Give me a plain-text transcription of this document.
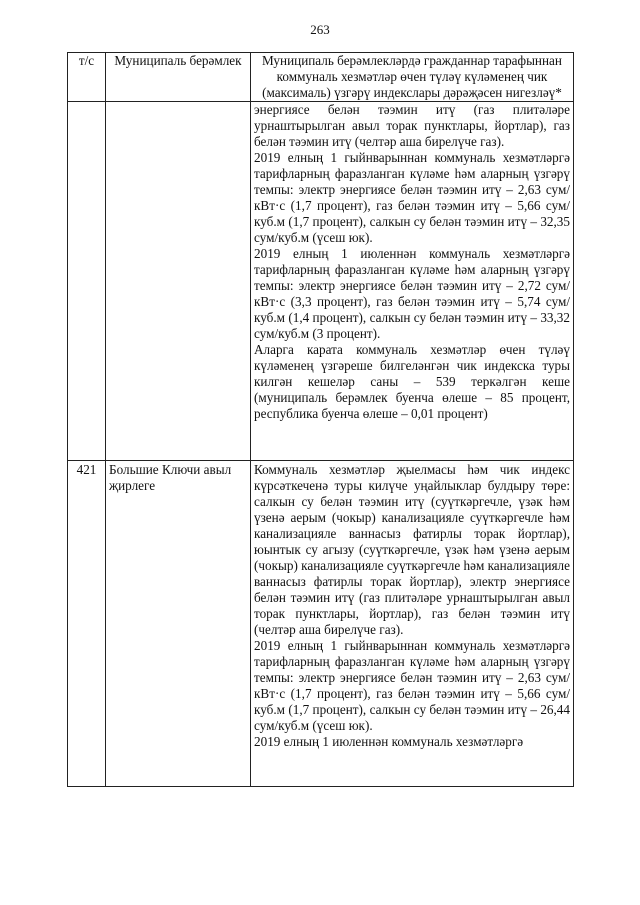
263
т/с	Муниципаль берәмлек	Муниципаль берәмлекләрдә гражданнар тарафыннан коммуналь хезмәтләр өчен түләү күләменең чик (максималь) үзгәрү индекслары дәрәҗәсен нигезләү*

		энергиясе белән тәэмин итү (газ плитәләре урнаштырылган авыл торак пунктлары, йортлар), газ белән тәэмин итү (челтәр аша бирелүче газ).
2019 елның 1 гыйнварыннан коммуналь хезмәтләргә тарифларның фаразланган күләме һәм аларның үзгәрү темпы: электр энергиясе белән тәэмин итү – 2,63 сум/кВт·с (1,7 процент), газ белән тәэмин итү – 5,66 сум/куб.м (1,7 процент), салкын су белән тәэмин итү – 32,35 сум/куб.м (үсеш юк).
2019 елның 1 июленнән коммуналь хезмәтләргә тарифларның фаразланган күләме һәм аларның үзгәрү темпы: электр энергиясе белән тәэмин итү – 2,72 сум/кВт·с (3,3 процент), газ белән тәэмин итү – 5,74 сум/куб.м (1,4 процент), салкын су белән тәэмин итү – 33,32 сум/куб.м (3 процент).
Аларга карата коммуналь хезмәтләр өчен түләү күләменең үзгәреше билгеләнгән чик индекска туры килгән кешеләр саны – 539 теркәлгән кеше (муниципаль берәмлек буенча өлеше – 85 процент, республика буенча өлеше – 0,01 процент)

421	Большие Ключи авыл җирлеге	Коммуналь хезмәтләр җыелмасы һәм чик индекс күрсәткеченә туры килүче уңайлыклар булдыру төре: салкын су белән тәэмин итү (суүткәргечле, үзәк һәм үзенә аерым (чокыр) канализацияле суүткәргечле һәм канализацияле ваннасыз фатирлы торак йортлар), юынтык су агызу (суүткәргечле, үзәк һәм үзенә аерым (чокыр) канализацияле суүткәргечле һәм канализацияле ваннасыз фатирлы торак йортлар), электр энергиясе белән тәэмин итү (газ плитәләре урнаштырылган авыл торак пунктлары, йортлар), газ белән тәэмин итү (челтәр аша бирелүче газ).
2019 елның 1 гыйнварыннан коммуналь хезмәтләргә тарифларның фаразланган күләме һәм аларның үзгәрү темпы: электр энергиясе белән тәэмин итү – 2,63 сум/кВт·с (1,7 процент), газ белән тәэмин итү – 5,66 сум/куб.м (1,7 процент), салкын су белән тәэмин итү – 26,44 сум/куб.м (үсеш юк).
2019 елның 1 июленнән коммуналь хезмәтләргә
